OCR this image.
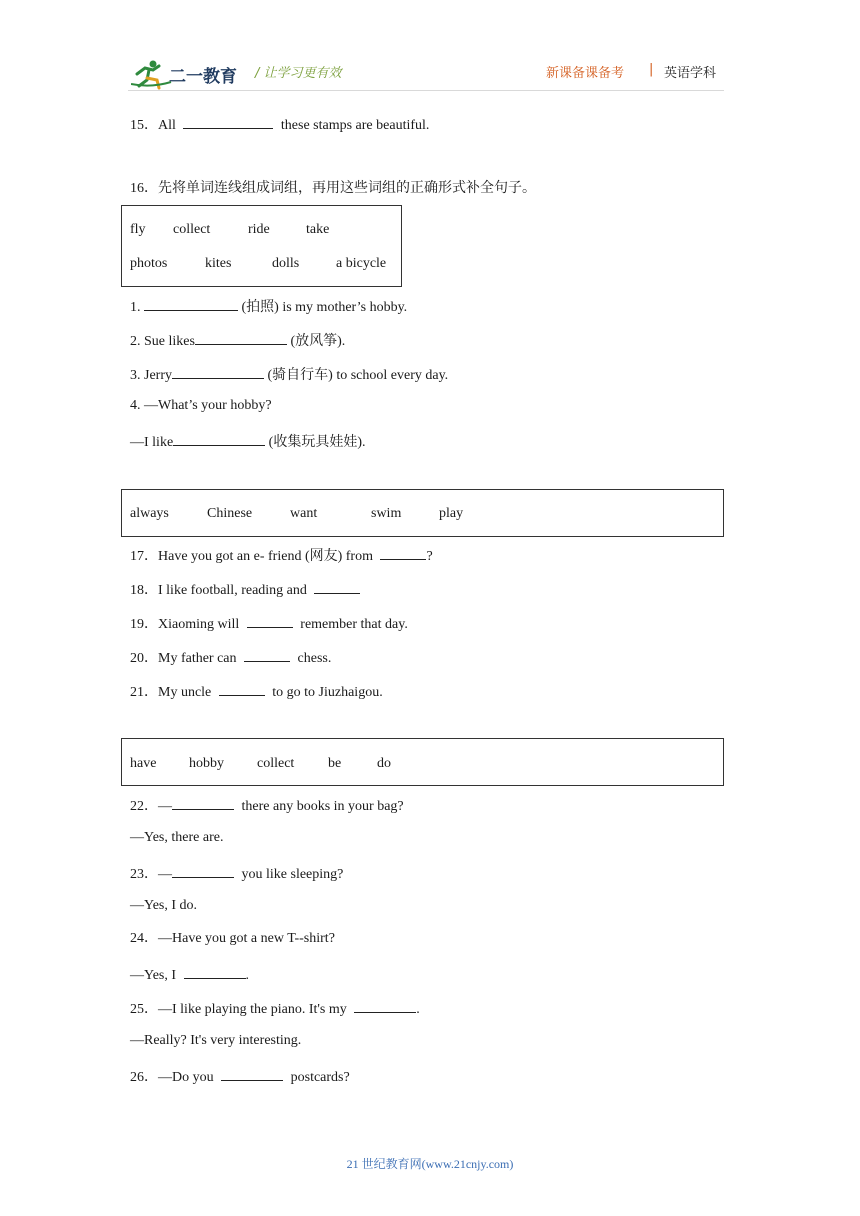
二一教育 / 让学习更有效	新课备课备考 | 英语学科
15．All	these stamps are beautiful.
16．先将单词连线组成词组，再用这些词组的正确形式补全句子。
fly collect	ride	take
photos	kites	dolls	a bicycle
1.	(拍照) is my mother’s hobby.
2. Sue likes	(放风筝).
3. Jerry	(骑自行车) to school every day.
4. —What’s your hobby?
—I like	(收集玩具娃娃).
always	Chinese	want	swim	play
17．Have you got an e- friend (网友) from	?
18．I like football, reading and
19．Xiaoming will	remember that day.
20．My father can	chess.
21．My uncle	to go to Jiuzhaigou.
have hobby collect be	do
22．—	there any books in your bag?
—Yes, there are.
23．—	you like sleeping?
—Yes, I do.
24．—Have you got a new T--shirt?
—Yes, I	.
25．—I like playing the piano. It's my	.
—Really? It's very interesting.
26．—Do you	postcards?
21 世纪教育网(www.21cnjy.com)
